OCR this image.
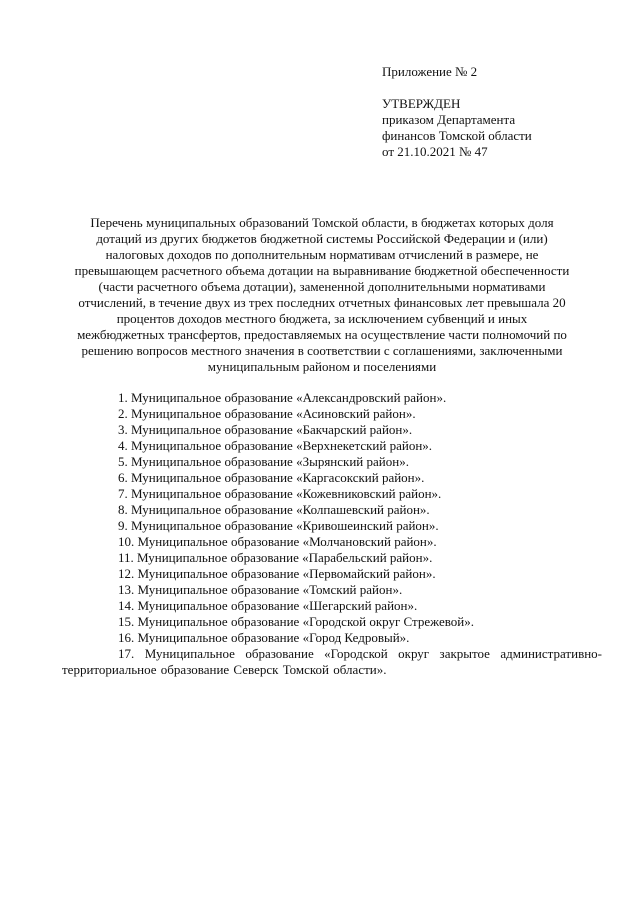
Приложение № 2
УТВЕРЖДЕН
приказом Департамента
финансов Томской области
от 21.10.2021 № 47
Перечень муниципальных образований Томской области, в бюджетах которых доля
дотаций из других бюджетов бюджетной системы Российской Федерации и (или)
налоговых доходов по дополнительным нормативам отчислений в размере, не
превышающем расчетного объема дотации на выравнивание бюджетной обеспеченности
(части расчетного объема дотации), замененной дополнительными нормативами
отчислений, в течение двух из трех последних отчетных финансовых лет превышала 20
процентов доходов местного бюджета, за исключением субвенций и иных
межбюджетных трансфертов, предоставляемых на осуществление части полномочий по
решению вопросов местного значения в соответствии с соглашениями, заключенными
муниципальным районом и поселениями
1. Муниципальное образование «Александровский район».
2. Муниципальное образование «Асиновский район».
3. Муниципальное образование «Бакчарский район».
4. Муниципальное образование «Верхнекетский район».
5. Муниципальное образование «Зырянский район».
6. Муниципальное образование «Каргасокский район».
7. Муниципальное образование «Кожевниковский район».
8. Муниципальное образование «Колпашевский район».
9. Муниципальное образование «Кривошеинский район».
10. Муниципальное образование «Молчановский район».
11. Муниципальное образование «Парабельский район».
12. Муниципальное образование «Первомайский район».
13. Муниципальное образование «Томский район».
14. Муниципальное образование «Шегарский район».
15. Муниципальное образование «Городской округ Стрежевой».
16. Муниципальное образование «Город Кедровый».
17. Муниципальное образование «Городской округ закрытое административно-территориальное образование Северск Томской области».
